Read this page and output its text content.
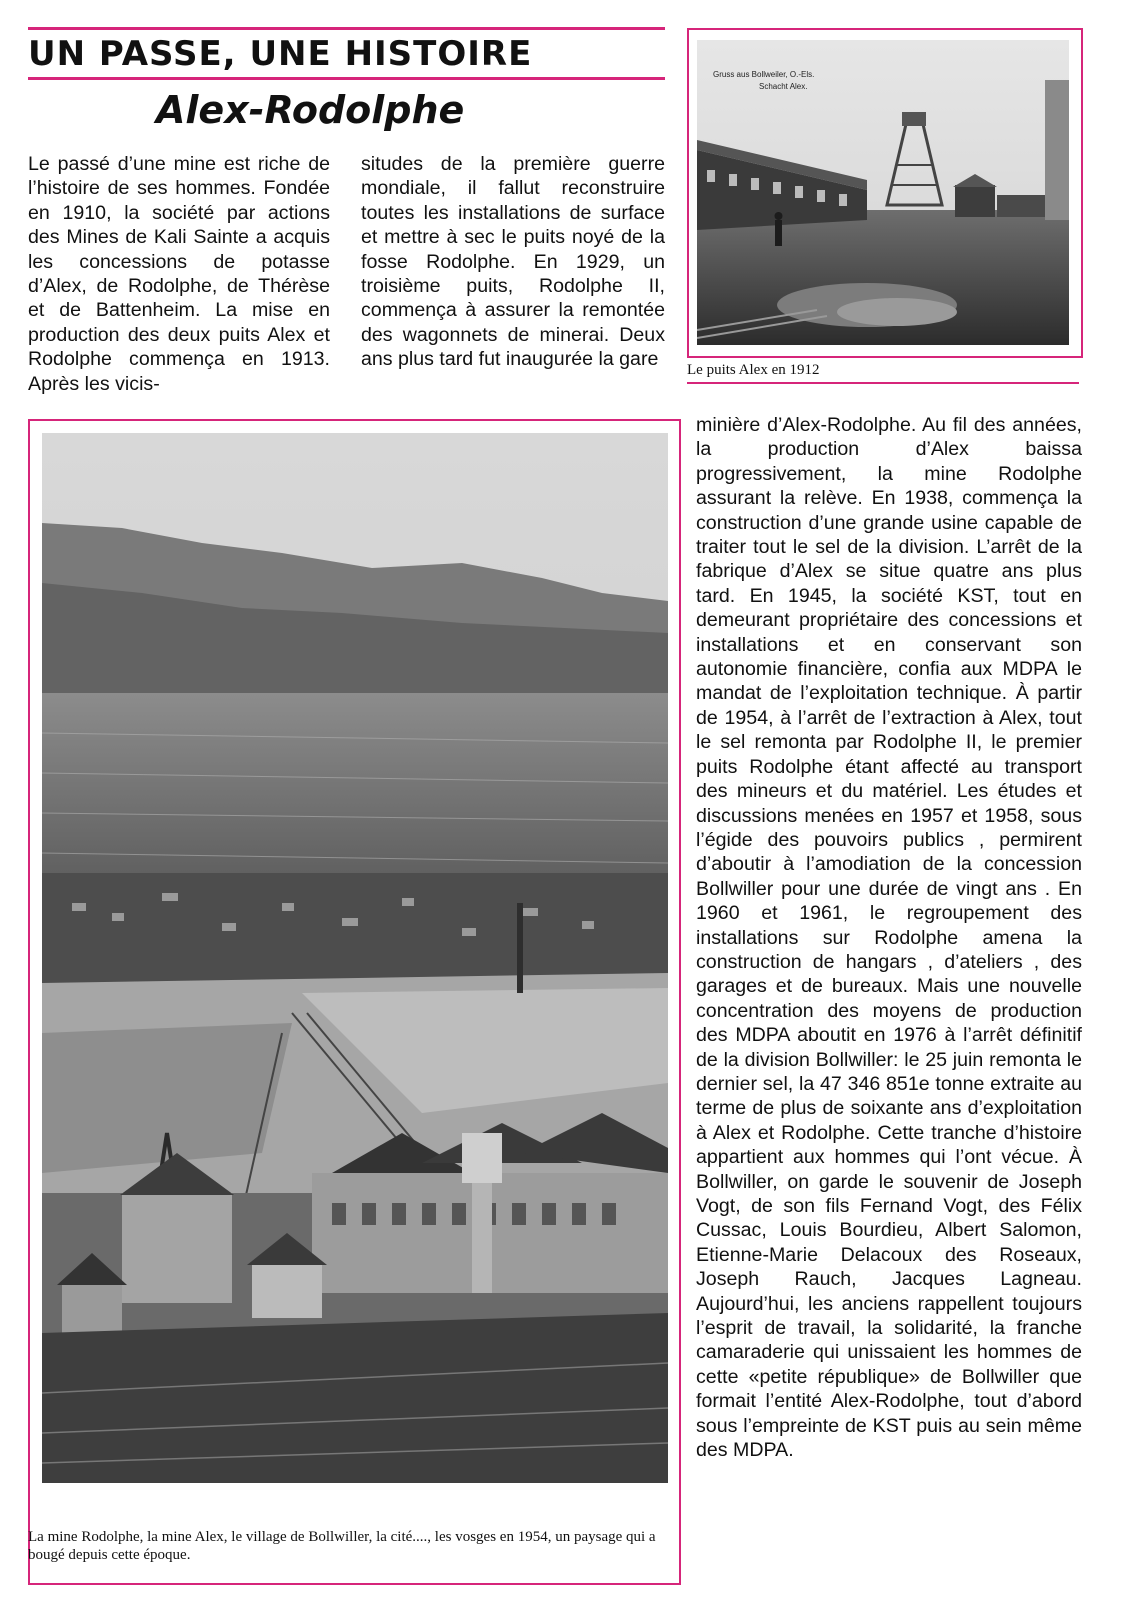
UN PASSE, UNE HISTOIRE
Alex-Rodolphe

Le passé d’une mine est riche de l’histoire de ses hommes. Fondée en 1910, la société par actions des Mines de Kali Sainte a acquis les concessions de potasse d’Alex, de Rodolphe, de Thérèse et de Battenheim. La mise en production des deux puits Alex et Rodolphe commença en 1913. Après les vicis-

situdes de la première guerre mondiale, il fallut reconstruire toutes les installations de surface et mettre à sec le puits noyé de la fosse Rodolphe. En 1929, un troisième puits, Rodolphe II, commença à assurer la remontée des wagonnets de minerai. Deux ans plus tard fut inaugurée la gare

Gruss aus Bollweiler, O.-Els.
Schacht Alex.
Le puits Alex en 1912
La mine Rodolphe, la mine Alex, le village de Bollwiller, la cité...., les vosges en 1954, un paysage qui a bougé depuis cette époque.

minière d’Alex-Rodolphe. Au fil des années, la production d’Alex baissa progressivement, la mine Rodolphe assurant la relève. En 1938, commença la construction d’une grande usine capable de traiter tout le sel de la division. L’arrêt de la fabrique d’Alex se situe quatre ans plus tard. En 1945, la société KST, tout en demeurant propriétaire des concessions et installations et en conservant son autonomie financière, confia aux MDPA le mandat de l’exploitation technique. À partir de 1954, à l’arrêt de l’extraction à Alex, tout le sel remonta par Rodolphe II, le premier puits Rodolphe étant affecté au transport des mineurs et du matériel. Les études et discussions menées en 1957 et 1958, sous l’égide des pouvoirs publics , permirent d’aboutir à l’amodiation de la concession Bollwiller pour une durée de vingt ans . En 1960 et 1961, le regroupement des installations sur Rodolphe amena la construction de hangars , d’ateliers , des garages et de bureaux. Mais une nouvelle concentration des moyens de production des MDPA aboutit en 1976 à l’arrêt définitif de la division Bollwiller: le 25 juin remonta le dernier sel, la 47 346 851e tonne extraite au terme de plus de soixante ans d’exploitation à Alex et Rodolphe. Cette tranche d’histoire appartient aux hommes qui l’ont vécue. À Bollwiller, on garde le souvenir de Joseph Vogt, de son fils Fernand Vogt, des Félix Cussac, Louis Bourdieu, Albert Salomon, Etienne-Marie Delacoux des Roseaux, Joseph Rauch, Jacques Lagneau. Aujourd’hui, les anciens rappellent toujours l’esprit de travail, la solidarité, la franche camaraderie qui unissaient les hommes de cette «petite république» de Bollwiller que formait l’entité Alex-Rodolphe, tout d’abord sous l’empreinte de KST puis au sein même des MDPA.
